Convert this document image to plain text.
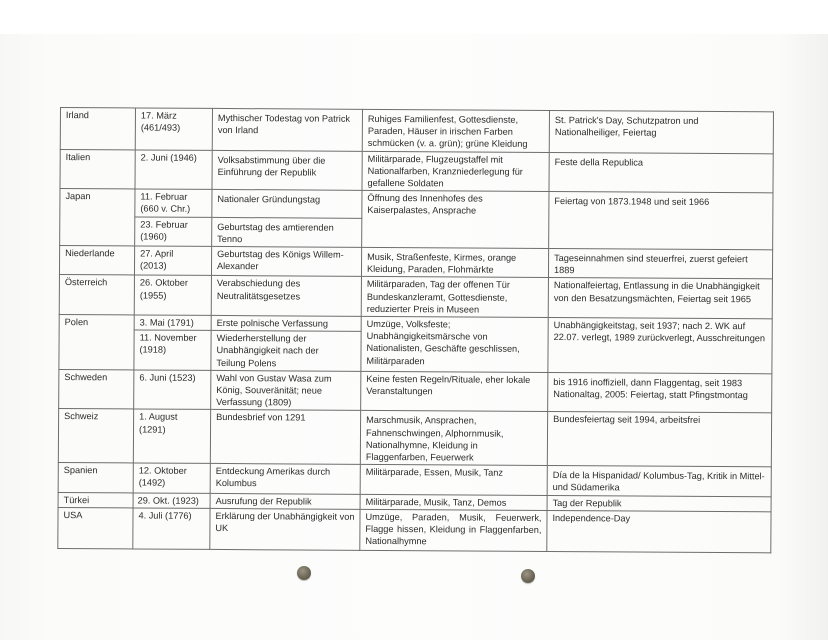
Irland	17. März (461/493)	Mythischer Todestag von Patrick von Irland	Ruhiges Familienfest, Gottesdienste, Paraden, Häuser in irischen Farben schmücken (v. a. grün); grüne Kleidung	St. Patrick's Day, Schutzpatron und Nationalheiliger, Feiertag
Italien	2. Juni (1946)	Volksabstimmung über die Einführung der Republik	Militärparade, Flugzeugstaffel mit Nationalfarben, Kranzniederlegung für gefallene Soldaten	Feste della Republica
Japan	11. Februar (660 v. Chr.)	Nationaler Gründungstag	Öffnung des Innenhofes des Kaiserpalastes, Ansprache	Feiertag von 1873.1948 und seit 1966
	23. Februar (1960)	Geburtstag des amtierenden Tenno		
Niederlande	27. April (2013)	Geburtstag des Königs Willem-Alexander	Musik, Straßenfeste, Kirmes, orange Kleidung, Paraden, Flohmärkte	Tageseinnahmen sind steuerfrei, zuerst gefeiert 1889
Österreich	26. Oktober (1955)	Verabschiedung des Neutralitätsgesetzes	Militärparaden, Tag der offenen Tür Bundeskanzleramt, Gottesdienste, reduzierter Preis in Museen	Nationalfeiertag, Entlassung in die Unabhängigkeit von den Besatzungsmächten, Feiertag seit 1965
Polen	3. Mai (1791)	Erste polnische Verfassung	Umzüge, Volksfeste; Unabhängigkeitsmärsche von Nationalisten, Geschäfte geschlissen, Militärparaden	Unabhängigkeitstag, seit 1937; nach 2. WK auf 22.07. verlegt, 1989 zurückverlegt, Ausschreitungen
	11. November (1918)	Wiederherstellung der Unabhängigkeit nach der Teilung Polens		
Schweden	6. Juni (1523)	Wahl von Gustav Wasa zum König, Souveränität; neue Verfassung (1809)	Keine festen Regeln/Rituale, eher lokale Veranstaltungen	bis 1916 inoffiziell, dann Flaggentag, seit 1983 Nationaltag, 2005: Feiertag, statt Pfingstmontag
Schweiz	1. August (1291)	Bundesbrief von 1291	Marschmusik, Ansprachen, Fahnenschwingen, Alphornmusik, Nationalhymne, Kleidung in Flaggenfarben, Feuerwerk	Bundesfeiertag seit 1994, arbeitsfrei
Spanien	12. Oktober (1492)	Entdeckung Amerikas durch Kolumbus	Militärparade, Essen, Musik, Tanz	Día de la Hispanidad/ Kolumbus-Tag, Kritik in Mittel- und Südamerika
Türkei	29. Okt. (1923)	Ausrufung der Republik	Militärparade, Musik, Tanz, Demos	Tag der Republik
USA	4. Juli (1776)	Erklärung der Unabhängigkeit von UK	Umzüge, Paraden, Musik, Feuerwerk, Flagge hissen, Kleidung in Flaggenfarben, Nationalhymne	Independence-Day
